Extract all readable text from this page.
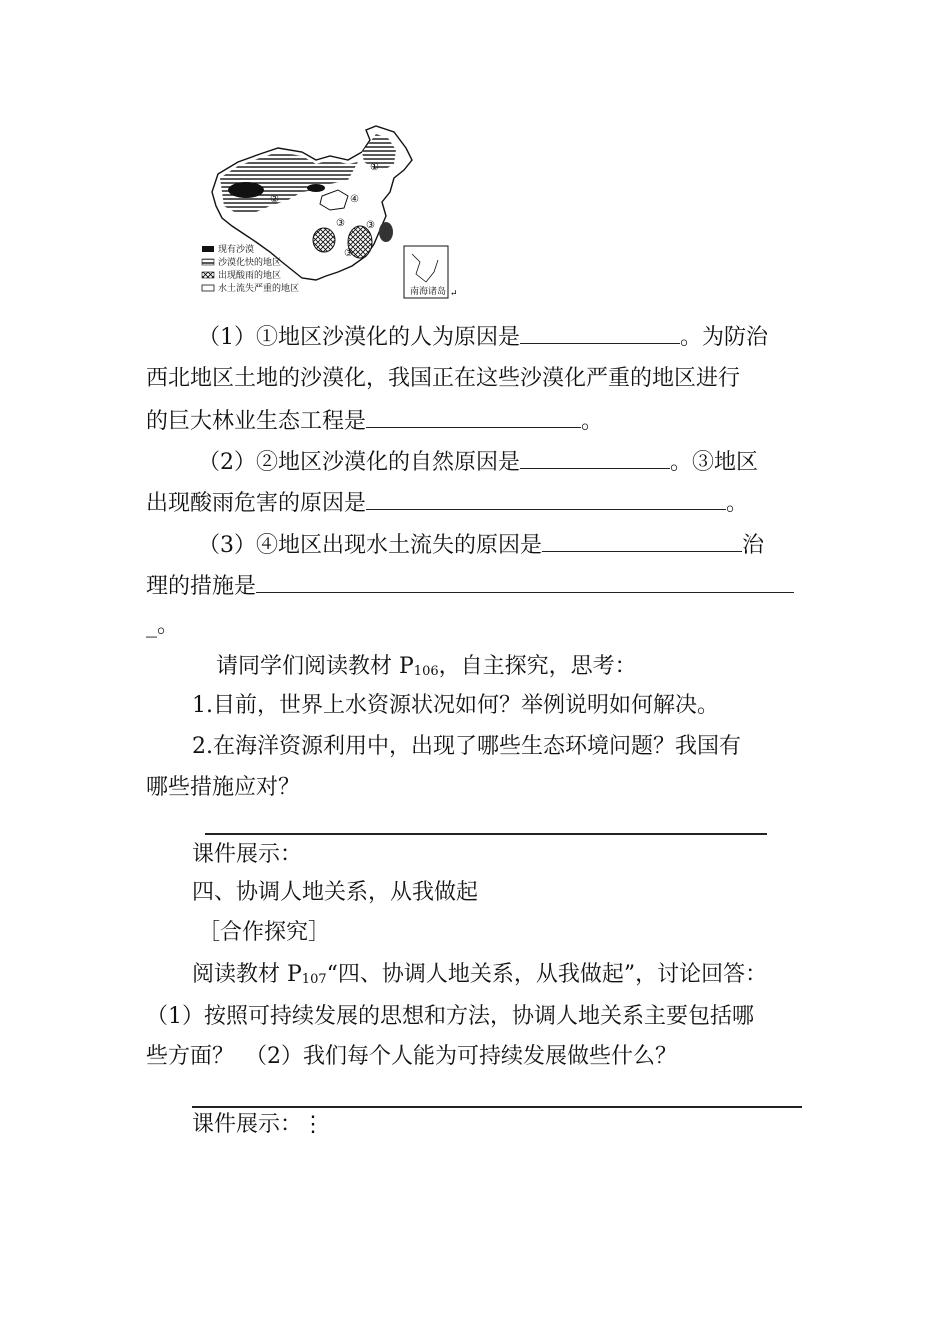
①
②
③ ③
③
④
现有沙漠
沙漠化快的地区
出现酸雨的地区
水土流失严重的地区	南海诸岛 ↵
（1）①地区沙漠化的人为原因是	。为防治
西北地区土地的沙漠化，我国正在这些沙漠化严重的地区进行
的巨大林业生态工程是	。
（2）②地区沙漠化的自然原因是	。③地区
出现酸雨危害的原因是	。
（3）④地区出现水土流失的原因是	治
理的措施是
_。
请同学们阅读教材 P106，自主探究，思考：
1.目前，世界上水资源状况如何？举例说明如何解决。
2.在海洋资源利用中，出现了哪些生态环境问题？我国有
哪些措施应对？
课件展示：
四、协调人地关系，从我做起
［合作探究］
阅读教材 P107“四、协调人地关系，从我做起”，讨论回答：
（1）按照可持续发展的思想和方法，协调人地关系主要包括哪
些方面？　（2）我们每个人能为可持续发展做些什么？
课件展示：⋮
